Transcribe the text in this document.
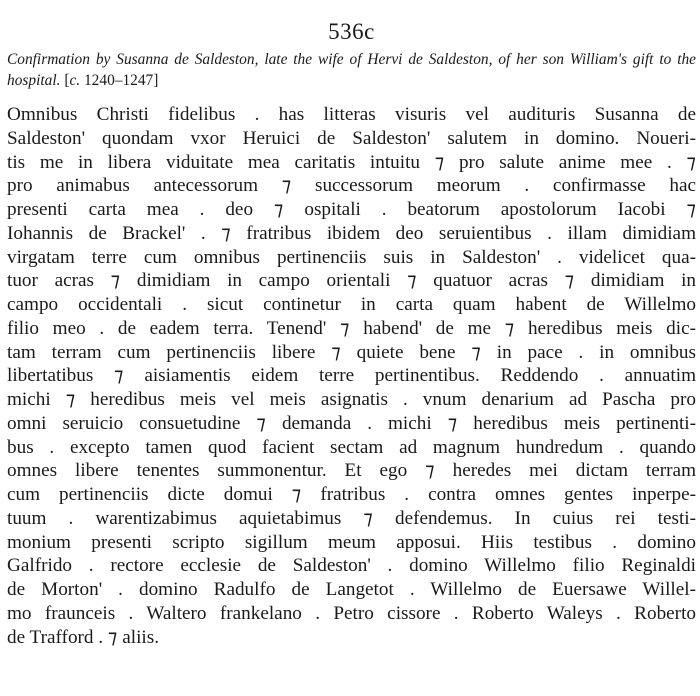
536c
Confirmation by Susanna de Saldeston, late the wife of Hervi de Saldeston, of her son William's gift to the hospital. [c. 1240–1247]
Omnibus Christi fidelibus . has litteras visuris vel audituris Susanna de
Saldeston' quondam vxor Heruici de Saldeston' salutem in domino. Noueri-
tis me in libera viduitate mea caritatis intuitu ⁊ pro salute anime mee . ⁊
pro animabus antecessorum ⁊ successorum meorum . confirmasse hac
presenti carta mea . deo ⁊ ospitali . beatorum apostolorum Iacobi ⁊
Iohannis de Brackel' . ⁊ fratribus ibidem deo seruientibus . illam dimidiam
virgatam terre cum omnibus pertinenciis suis in Saldeston' . videlicet qua-
tuor acras ⁊ dimidiam in campo orientali ⁊ quatuor acras ⁊ dimidiam in
campo occidentali . sicut continetur in carta quam habent de Willelmo
filio meo . de eadem terra. Tenend' ⁊ habend' de me ⁊ heredibus meis dic-
tam terram cum pertinenciis libere ⁊ quiete bene ⁊ in pace . in omnibus
libertatibus ⁊ aisiamentis eidem terre pertinentibus. Reddendo . annuatim
michi ⁊ heredibus meis vel meis asignatis . vnum denarium ad Pascha pro
omni seruicio consuetudine ⁊ demanda . michi ⁊ heredibus meis pertinenti-
bus . excepto tamen quod facient sectam ad magnum hundredum . quando
omnes libere tenentes summonentur. Et ego ⁊ heredes mei dictam terram
cum pertinenciis dicte domui ⁊ fratribus . contra omnes gentes inperpe-
tuum . warentizabimus aquietabimus ⁊ defendemus. In cuius rei testi-
monium presenti scripto sigillum meum apposui. Hiis testibus . domino
Galfrido . rectore ecclesie de Saldeston' . domino Willelmo filio Reginaldi
de Morton' . domino Radulfo de Langetot . Willelmo de Euersawe Willel-
mo fraunceis . Waltero frankelano . Petro cissore . Roberto Waleys . Roberto
de Trafford . ⁊ aliis.
